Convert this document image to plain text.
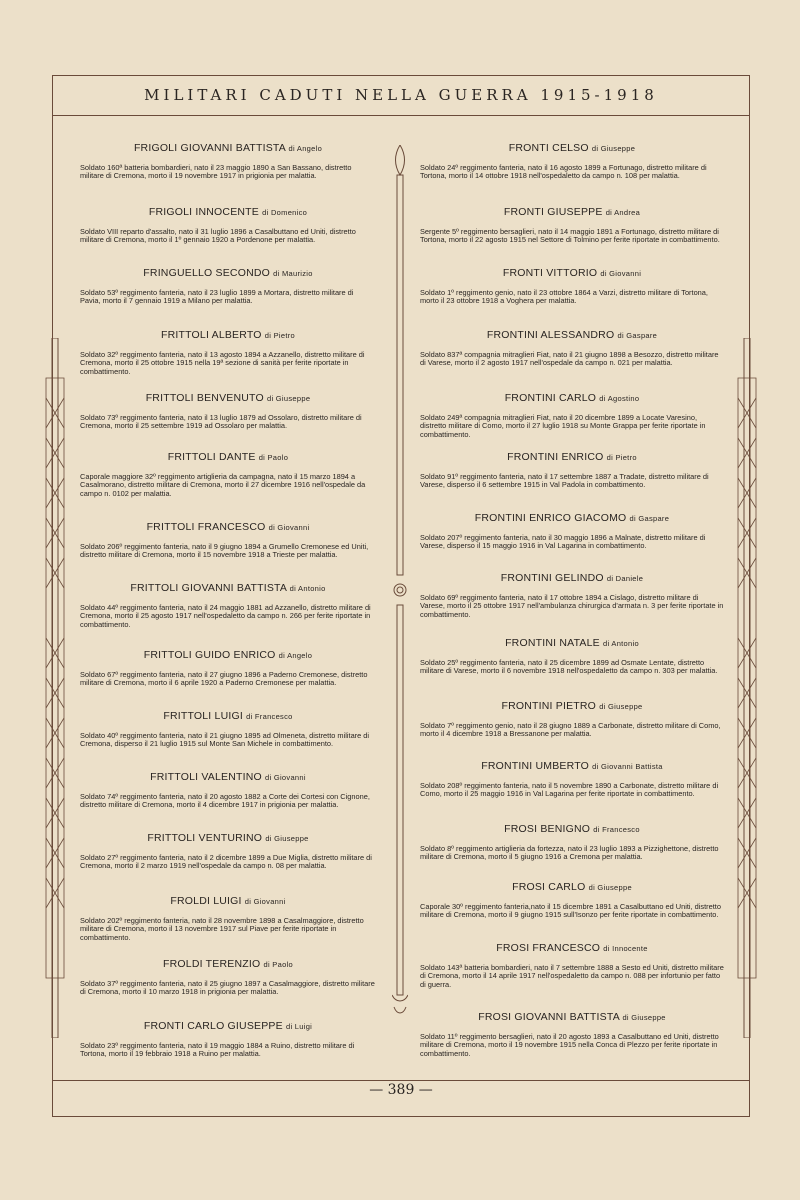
MILITARI CADUTI NELLA GUERRA 1915-1918
FRIGOLI GIOVANNI BATTISTA di Angelo
Soldato 160ª batteria bombardieri, nato il 23 maggio 1890 a San Bassano, distretto militare di Cremona, morto il 19 novembre 1917 in prigionia per malattia.
FRIGOLI INNOCENTE di Domenico
Soldato VIII reparto d'assalto, nato il 31 luglio 1896 a Casalbuttano ed Uniti, distretto militare di Cremona, morto il 1º gennaio 1920 a Pordenone per malattia.
FRINGUELLO SECONDO di Maurizio
Soldato 53º reggimento fanteria, nato il 23 luglio 1899 a Mortara, distretto militare di Pavia, morto il 7 gennaio 1919 a Milano per malattia.
FRITTOLI ALBERTO di Pietro
Soldato 32º reggimento fanteria, nato il 13 agosto 1894 a Azzanello, distretto militare di Cremona, morto il 25 ottobre 1915 nella 19ª sezione di sanità per ferite riportate in combattimento.
FRITTOLI BENVENUTO di Giuseppe
Soldato 73º reggimento fanteria, nato il 13 luglio 1879 ad Ossolaro, distretto militare di Cremona, morto il 25 settembre 1919 ad Ossolaro per malattia.
FRITTOLI DANTE di Paolo
Caporale maggiore 32º reggimento artiglieria da campagna, nato il 15 marzo 1894 a Casalmorano, distretto militare di Cremona, morto il 27 dicembre 1916 nell'ospedale da campo n. 0102 per malattia.
FRITTOLI FRANCESCO di Giovanni
Soldato 206º reggimento fanteria, nato il 9 giugno 1894 a Grumello Cremonese ed Uniti, distretto militare di Cremona, morto il 15 novembre 1918 a Trieste per malattia.
FRITTOLI GIOVANNI BATTISTA di Antonio
Soldato 44º reggimento fanteria, nato il 24 maggio 1881 ad Azzanello, distretto militare di Cremona, morto il 25 agosto 1917 nell'ospedaletto da campo n. 266 per ferite riportate in combattimento.
FRITTOLI GUIDO ENRICO di Angelo
Soldato 67º reggimento fanteria, nato il 27 giugno 1896 a Paderno Cremonese, distretto militare di Cremona, morto il 6 aprile 1920 a Paderno Cremonese per malattia.
FRITTOLI LUIGI di Francesco
Soldato 40º reggimento fanteria, nato il 21 giugno 1895 ad Olmeneta, distretto militare di Cremona, disperso il 21 luglio 1915 sul Monte San Michele in combattimento.
FRITTOLI VALENTINO di Giovanni
Soldato 74º reggimento fanteria, nato il 20 agosto 1882 a Corte dei Cortesi con Cignone, distretto militare di Cremona, morto il 4 dicembre 1917 in prigionia per malattia.
FRITTOLI VENTURINO di Giuseppe
Soldato 27º reggimento fanteria, nato il 2 dicembre 1899 a Due Miglia, distretto militare di Cremona, morto il 2 marzo 1919 nell'ospedale da campo n. 08 per malattia.
FROLDI LUIGI di Giovanni
Soldato 202º reggimento fanteria, nato il 28 novembre 1898 a Casalmaggiore, distretto militare di Cremona, morto il 13 novembre 1917 sul Piave per ferite riportate in combattimento.
FROLDI TERENZIO di Paolo
Soldato 37º reggimento fanteria, nato il 25 giugno 1897 a Casalmaggiore, distretto militare di Cremona, morto il 10 marzo 1918 in prigionia per malattia.
FRONTI CARLO GIUSEPPE di Luigi
Soldato 23º reggimento fanteria, nato il 19 maggio 1884 a Ruino, distretto militare di Tortona, morto il 19 febbraio 1918 a Ruino per malattia.
FRONTI CELSO di Giuseppe
Soldato 24º reggimento fanteria, nato il 16 agosto 1899 a Fortunago, distretto militare di Tortona, morto il 14 ottobre 1918 nell'ospedaletto da campo n. 108 per malattia.
FRONTI GIUSEPPE di Andrea
Sergente 5º reggimento bersaglieri, nato il 14 maggio 1891 a Fortunago, distretto militare di Tortona, morto il 22 agosto 1915 nel Settore di Tolmino per ferite riportate in combattimento.
FRONTI VITTORIO di Giovanni
Soldato 1º reggimento genio, nato il 23 ottobre 1864 a Varzi, distretto militare di Tortona, morto il 23 ottobre 1918 a Voghera per malattia.
FRONTINI ALESSANDRO di Gaspare
Soldato 837ª compagnia mitraglieri Fiat, nato il 21 giugno 1898 a Besozzo, distretto militare di Varese, morto il 2 agosto 1917 nell'ospedale da campo n. 021 per malattia.
FRONTINI CARLO di Agostino
Soldato 249ª compagnia mitraglieri Fiat, nato il 20 dicembre 1899 a Locate Varesino, distretto militare di Como, morto il 27 luglio 1918 su Monte Grappa per ferite riportate in combattimento.
FRONTINI ENRICO di Pietro
Soldato 91º reggimento fanteria, nato il 17 settembre 1887 a Tradate, distretto militare di Varese, disperso il 6 settembre 1915 in Val Padola in combattimento.
FRONTINI ENRICO GIACOMO di Gaspare
Soldato 207º reggimento fanteria, nato il 30 maggio 1896 a Malnate, distretto militare di Varese, disperso il 15 maggio 1916 in Val Lagarina in combattimento.
FRONTINI GELINDO di Daniele
Soldato 69º reggimento fanteria, nato il 17 ottobre 1894 a Cislago, distretto militare di Varese, morto il 25 ottobre 1917 nell'ambulanza chirurgica d'armata n. 3 per ferite riportate in combattimento.
FRONTINI NATALE di Antonio
Soldato 25º reggimento fanteria, nato il 25 dicembre 1899 ad Osmate Lentate, distretto militare di Varese, morto il 6 novembre 1918 nell'ospedaletto da campo n. 303 per malattia.
FRONTINI PIETRO di Giuseppe
Soldato 7º reggimento genio, nato il 28 giugno 1889 a Carbonate, distretto militare di Como, morto il 4 dicembre 1918 a Bressanone per malattia.
FRONTINI UMBERTO di Giovanni Battista
Soldato 208º reggimento fanteria, nato il 5 novembre 1890 a Carbonate, distretto militare di Como, morto il 25 maggio 1916 in Val Lagarina per ferite riportate in combattimento.
FROSI BENIGNO di Francesco
Soldato 8º reggimento artiglieria da fortezza, nato il 23 luglio 1893 a Pizzighettone, distretto militare di Cremona, morto il 5 giugno 1916 a Cremona per malattia.
FROSI CARLO di Giuseppe
Caporale 30º reggimento fanteria,nato il 15 dicembre 1891 a Casalbuttano ed Uniti, distretto militare di Cremona, morto il 9 giugno 1915 sull'Isonzo per ferite riportate in combattimento.
FROSI FRANCESCO di Innocente
Soldato 143ª batteria bombardieri, nato il 7 settembre 1888 a Sesto ed Uniti, distretto militare di Cremona, morto il 14 aprile 1917 nell'ospedaletto da campo n. 088 per infortunio per fatto di guerra.
FROSI GIOVANNI BATTISTA di Giuseppe
Soldato 11º reggimento bersaglieri, nato il 20 agosto 1893 a Casalbuttano ed Uniti, distretto militare di Cremona, morto il 19 novembre 1915 nella Conca di Plezzo per ferite riportate in combattimento.
— 389 —
